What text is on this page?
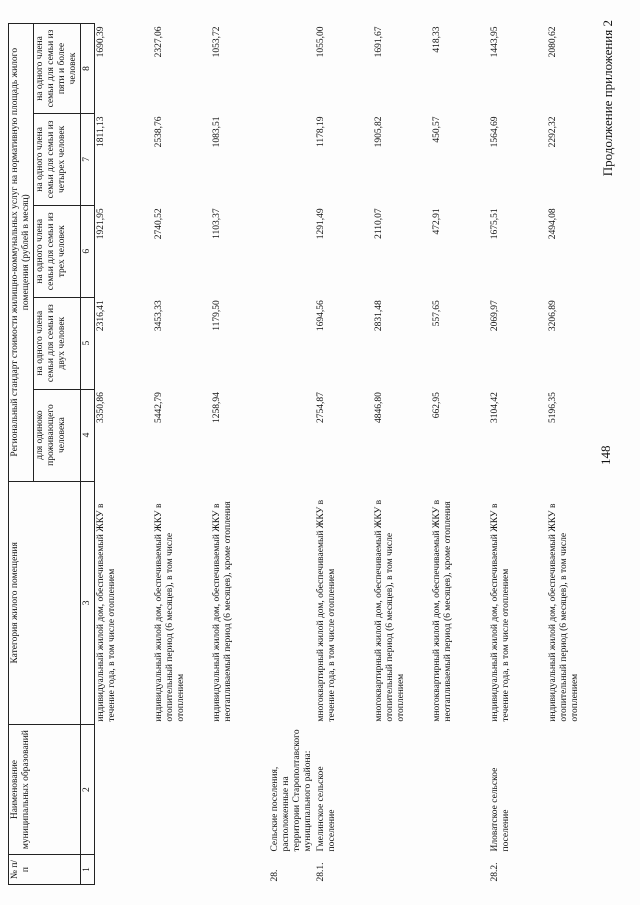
148
Продолжение приложения 2
№ п/п	Наименование муниципальных образований	Категория жилого помещения	Региональный стандарт стоимости жилищно-коммунальных услуг на нормативную площадь жилого помещения (рублей в месяц)				
			для одиноко проживающего человека	на одного члена семьи для семьи из двух человек	на одного члена семьи для семьи из трех человек	на одного члена семьи для семьи из четырех человек	на одного члена семьи для семьи из пяти и более человек
1	2	3	4	5	6	7	8
		индивидуальный жилой дом, обеспечиваемый ЖКУ в течение года, в том числе отоплением	3350,86	2316,41	1921,95	1811,13	1690,39
		индивидуальный жилой дом, обеспечиваемый ЖКУ в отопительный период (6 месяцев), в том числе отоплением	5442,79	3453,33	2740,52	2538,76	2327,06
		индивидуальный жилой дом, обеспечиваемый ЖКУ в неотапливаемый период (6 месяцев), кроме отопления	1258,94	1179,50	1103,37	1083,51	1053,72
28.	Сельские поселения, расположенные на территории Старополтавского муниципального района:						
28.1.	Гмелинское сельское поселение	многоквартирный жилой дом, обеспечиваемый ЖКУ в течение года, в том числе отоплением	2754,87	1694,56	1291,49	1178,19	1055,00
		многоквартирный жилой дом, обеспечиваемый ЖКУ в отопительный период (6 месяцев), в том числе отоплением	4846,80	2831,48	2110,07	1905,82	1691,67
		многоквартирный жилой дом, обеспечиваемый ЖКУ в неотапливаемый период (6 месяцев), кроме отопления	662,95	557,65	472,91	450,57	418,33
28.2.	Иловатское сельское поселение	индивидуальный жилой дом, обеспечиваемый ЖКУ в течение года, в том числе отоплением	3104,42	2069,97	1675,51	1564,69	1443,95
		индивидуальный жилой дом, обеспечиваемый ЖКУ в отопительный период (6 месяцев), в том числе отоплением	5196,35	3206,89	2494,08	2292,32	2080,62
